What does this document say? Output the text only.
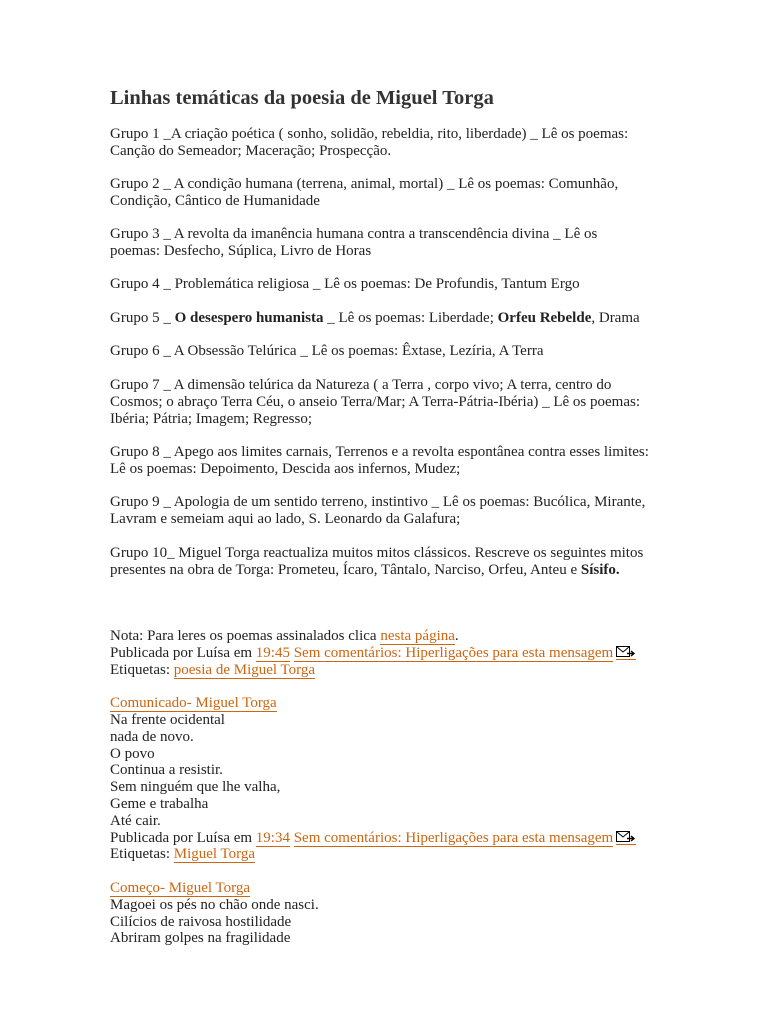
Linhas temáticas da poesia de Miguel Torga

Grupo 1 _A criação poética ( sonho, solidão, rebeldia, rito, liberdade) _ Lê os poemas: Canção do Semeador; Maceração; Prospecção.

Grupo 2 _ A condição humana (terrena, animal, mortal) _ Lê os poemas: Comunhão, Condição, Cântico de Humanidade

Grupo 3 _ A revolta da imanência humana contra a transcendência divina _ Lê os poemas: Desfecho, Súplica, Livro de Horas

Grupo 4 _ Problemática religiosa _ Lê os poemas: De Profundis, Tantum Ergo

Grupo 5 _ O desespero humanista _ Lê os poemas: Liberdade; Orfeu Rebelde, Drama

Grupo 6 _ A Obsessão Telúrica _ Lê os poemas: Êxtase, Lezíria, A Terra

Grupo 7 _ A dimensão telúrica da Natureza ( a Terra , corpo vivo; A terra, centro do Cosmos; o abraço Terra Céu, o anseio Terra/Mar; A Terra-Pátria-Ibéria) _ Lê os poemas: Ibéria; Pátria; Imagem; Regresso;

Grupo 8 _ Apego aos limites carnais, Terrenos e a revolta espontânea contra esses limites: Lê os poemas: Depoimento, Descida aos infernos, Mudez;

Grupo 9 _ Apologia de um sentido terreno, instintivo _ Lê os poemas: Bucólica, Mirante, Lavram e semeiam aqui ao lado, S. Leonardo da Galafura;

Grupo 10_ Miguel Torga reactualiza muitos mitos clássicos. Rescreve os seguintes mitos presentes na obra de Torga: Prometeu, Ícaro, Tântalo, Narciso, Orfeu, Anteu e Sísifo.

Nota: Para leres os poemas assinalados clica nesta página.
Publicada por Luísa em 19:45 Sem comentários: Hiperligações para esta mensagem
Etiquetas: poesia de Miguel Torga
Comunicado- Miguel Torga
Na frente ocidental
nada de novo.
O povo
Continua a resistir.
Sem ninguém que lhe valha,
Geme e trabalha
Até cair.
Publicada por Luísa em 19:34 Sem comentários: Hiperligações para esta mensagem
Etiquetas: Miguel Torga
Começo- Miguel Torga
Magoei os pés no chão onde nasci.
Cilícios de raivosa hostilidade
Abriram golpes na fragilidade
